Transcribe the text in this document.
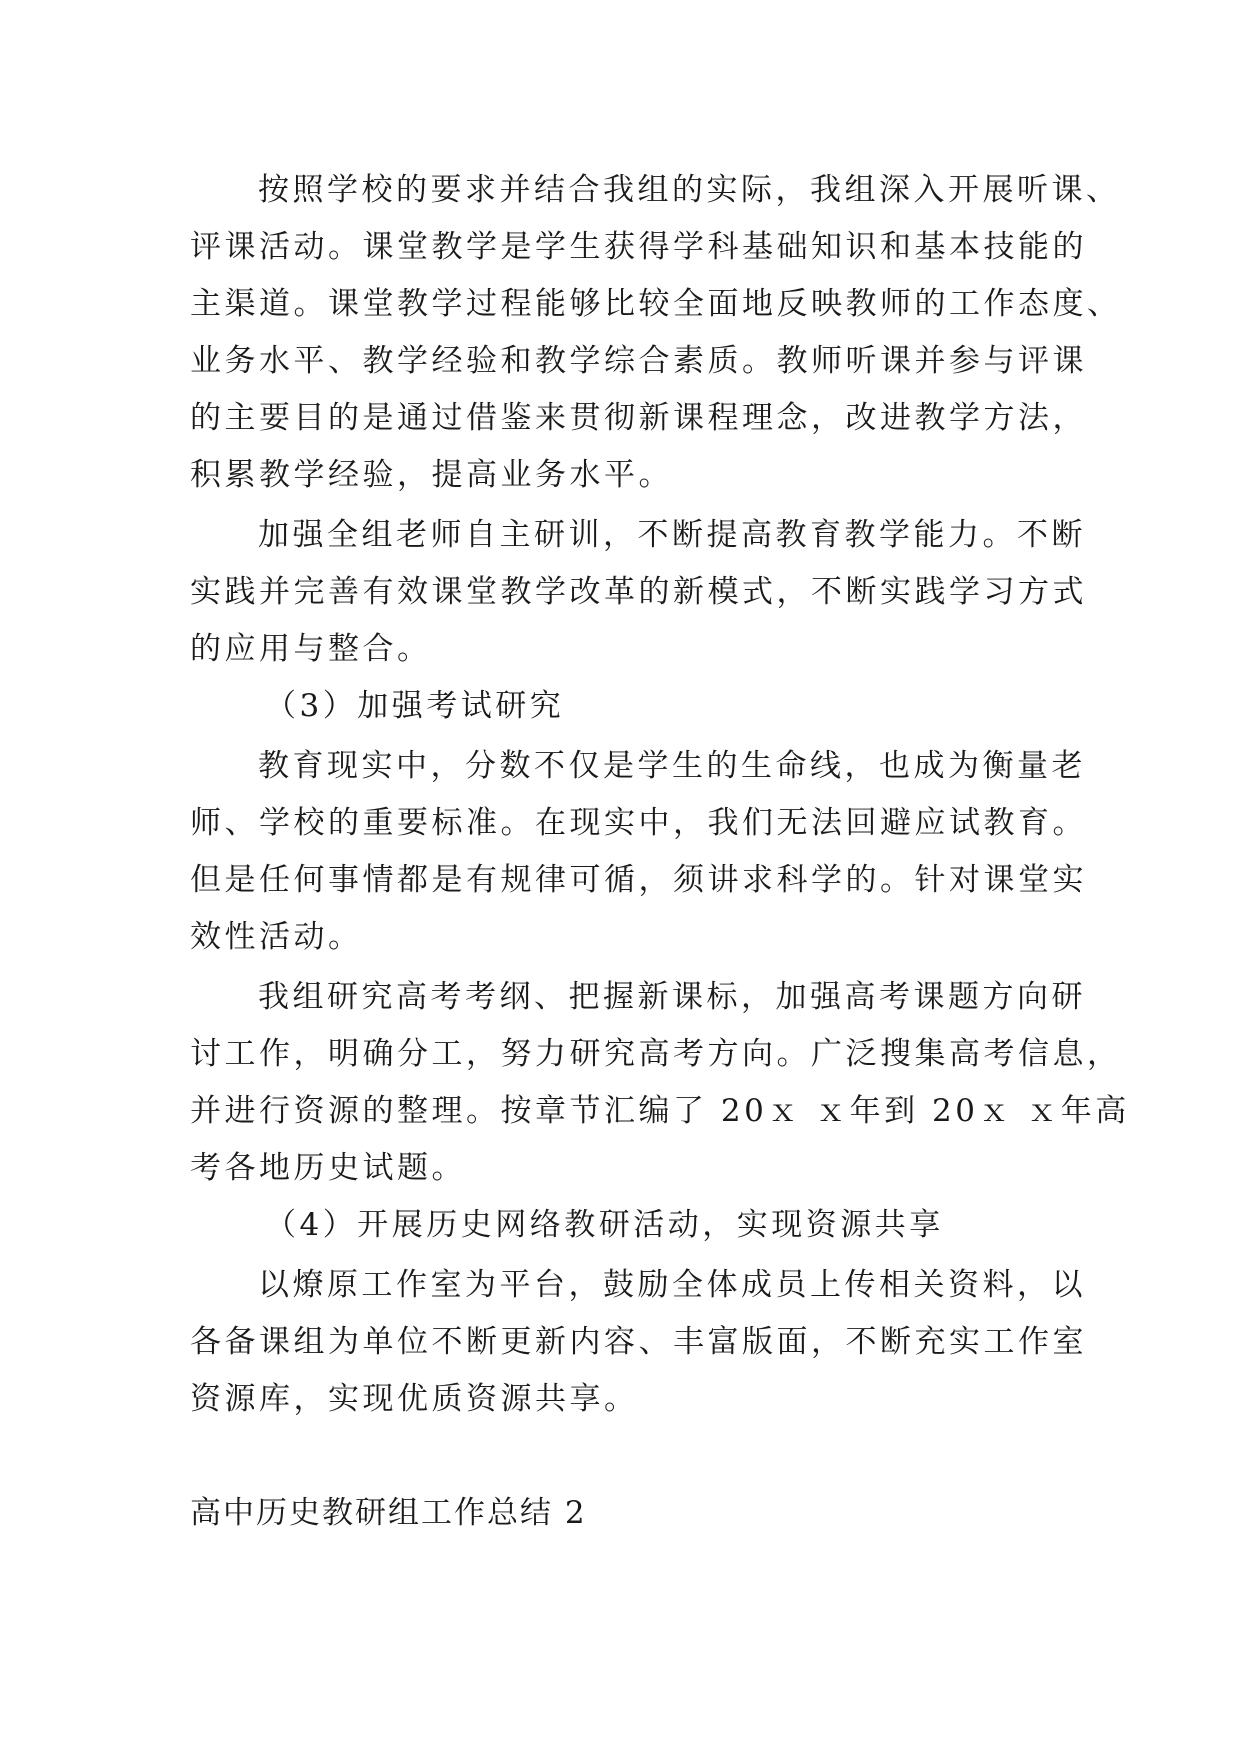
按照学校的要求并结合我组的实际，我组深入开展听课、
评课活动。课堂教学是学生获得学科基础知识和基本技能的
主渠道。课堂教学过程能够比较全面地反映教师的工作态度、
业务水平、教学经验和教学综合素质。教师听课并参与评课
的主要目的是通过借鉴来贯彻新课程理念，改进教学方法，
积累教学经验，提高业务水平。
加强全组老师自主研训，不断提高教育教学能力。不断
实践并完善有效课堂教学改革的新模式，不断实践学习方式
的应用与整合。
（3）加强考试研究
教育现实中，分数不仅是学生的生命线，也成为衡量老
师、学校的重要标准。在现实中，我们无法回避应试教育。
但是任何事情都是有规律可循，须讲求科学的。针对课堂实
效性活动。
我组研究高考考纲、把握新课标，加强高考课题方向研
讨工作，明确分工，努力研究高考方向。广泛搜集高考信息，
并进行资源的整理。按章节汇编了 20ｘ ｘ年到 20ｘ ｘ年高
考各地历史试题。
（4）开展历史网络教研活动，实现资源共享
以燎原工作室为平台，鼓励全体成员上传相关资料，以
各备课组为单位不断更新内容、丰富版面，不断充实工作室
资源库，实现优质资源共享。
高中历史教研组工作总结 2
